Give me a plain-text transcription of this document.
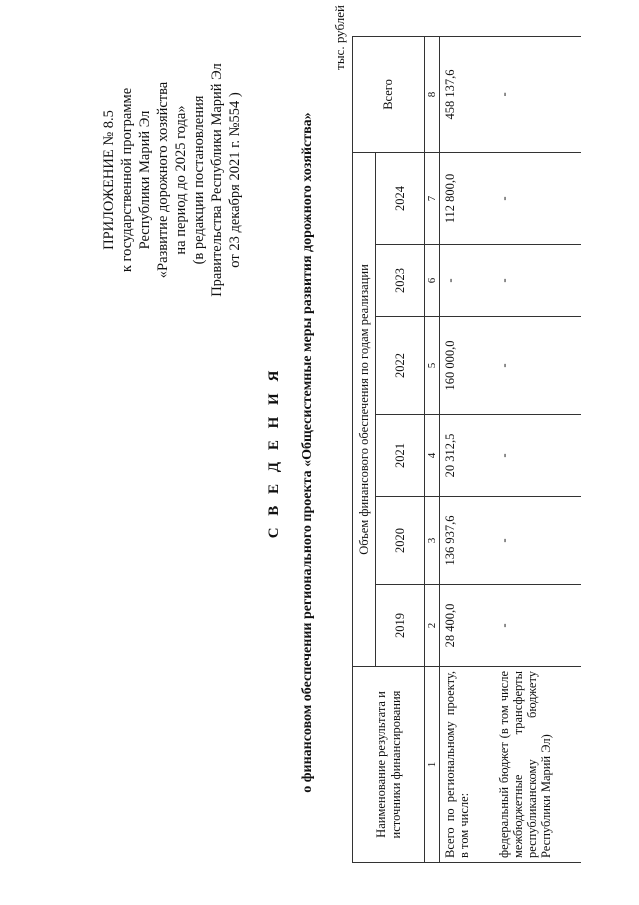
ПРИЛОЖЕНИЕ № 8.5 к государственной программе Республики Марий Эл «Развитие дорожного хозяйства на период до 2025 года» (в редакции постановления Правительства Республики Марий Эл от 23 декабря 2021 г. №554 )
С В Е Д Е Н И Я о финансовом обеспечении регионального проекта «Общесистемные меры развития дорожного хозяйства»
тыс. рублей
Наименование результата и источники финансирования	Объем финансового обеспечения по годам реализации						Всего
	2019	2020	2021	2022	2023	2024	
1	2	3	4	5	6	7	8
Всего по региональному проекту, в том числе:	28 400,0	136 937,6	20 312,5	160 000,0	-	112 800,0	458 137,6
федеральный бюджет (в том числе межбюджетные трансферты республиканскому бюджету Республики Марий Эл)	-	-	-	-	-	-	-
